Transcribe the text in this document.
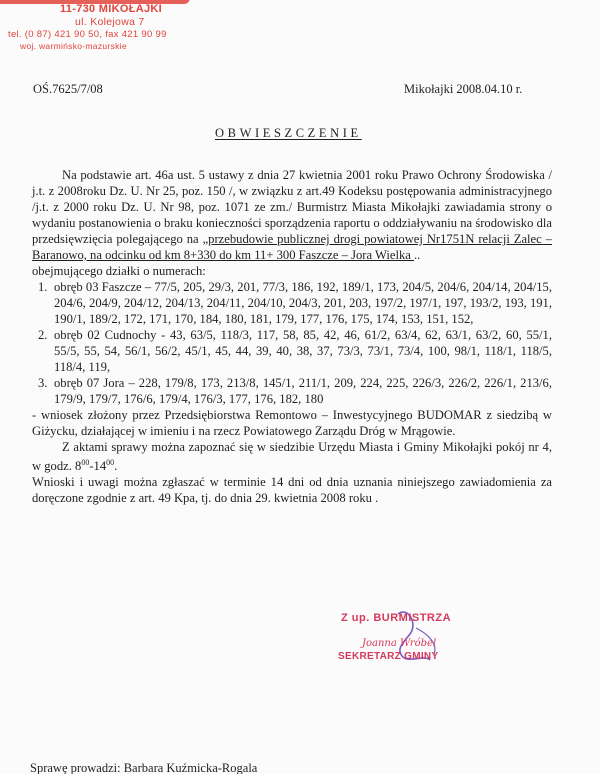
11-730 MIKOŁAJKI
ul. Kolejowa 7
tel. (0 87) 421 90 50, fax 421 90 99
woj. warmińsko-mazurskie
OŚ.7625/7/08	Mikołajki 2008.04.10 r.
OBWIESZCZENIE

Na podstawie art. 46a ust. 5 ustawy z dnia 27 kwietnia 2001 roku Prawo Ochrony Środowiska / j.t. z 2008roku Dz. U. Nr 25, poz. 150 /, w związku z art.49 Kodeksu postępowania administracyjnego /j.t. z 2000 roku Dz. U. Nr 98, poz. 1071 ze zm./ Burmistrz Miasta Mikołajki zawiadamia strony o wydaniu postanowienia o braku konieczności sporządzenia raportu o oddziaływaniu na środowisko dla przedsięwzięcia polegającego na „przebudowie publicznej drogi powiatowej Nr1751N relacji Zalec – Baranowo, na odcinku od km 8+330 do km 11+ 300 Faszcze – Jora Wielka ..

obejmującego działki o numerach:

1. obręb 03 Faszcze – 77/5, 205, 29/3, 201, 77/3, 186, 192, 189/1, 173, 204/5, 204/6, 204/14, 204/15, 204/6, 204/9, 204/12, 204/13, 204/11, 204/10, 204/3, 201, 203, 197/2, 197/1, 197, 193/2, 193, 191, 190/1, 189/2, 172, 171, 170, 184, 180, 181, 179, 177, 176, 175, 174, 153, 151, 152,
2. obręb 02 Cudnochy - 43, 63/5, 118/3, 117, 58, 85, 42, 46, 61/2, 63/4, 62, 63/1, 63/2, 60, 55/1, 55/5, 55, 54, 56/1, 56/2, 45/1, 45, 44, 39, 40, 38, 37, 73/3, 73/1, 73/4, 100, 98/1, 118/1, 118/5, 118/4, 119,
3. obręb 07 Jora – 228, 179/8, 173, 213/8, 145/1, 211/1, 209, 224, 225, 226/3, 226/2, 226/1, 213/6, 179/9, 179/7, 176/6, 179/4, 176/3, 177, 176, 182, 180

- wniosek złożony przez Przedsiębiorstwa Remontowo – Inwestycyjnego BUDOMAR z siedzibą w Giżycku, działającej w imieniu i na rzecz Powiatowego Zarządu Dróg w Mrągowie.

Z aktami sprawy można zapoznać się w siedzibie Urzędu Miasta i Gminy Mikołajki pokój nr 4, w godz. $8^{00}-14^{00}$.

Wnioski i uwagi można zgłaszać w terminie 14 dni od dnia uznania niniejszego zawiadomienia za doręczone zgodnie z art. 49 Kpa, tj. do dnia 29. kwietnia 2008 roku .

Z up. BURMISTRZA
Joanna Wróbel
SEKRETARZ GMINY
Sprawę prowadzi: Barbara Kuźmicka-Rogala
